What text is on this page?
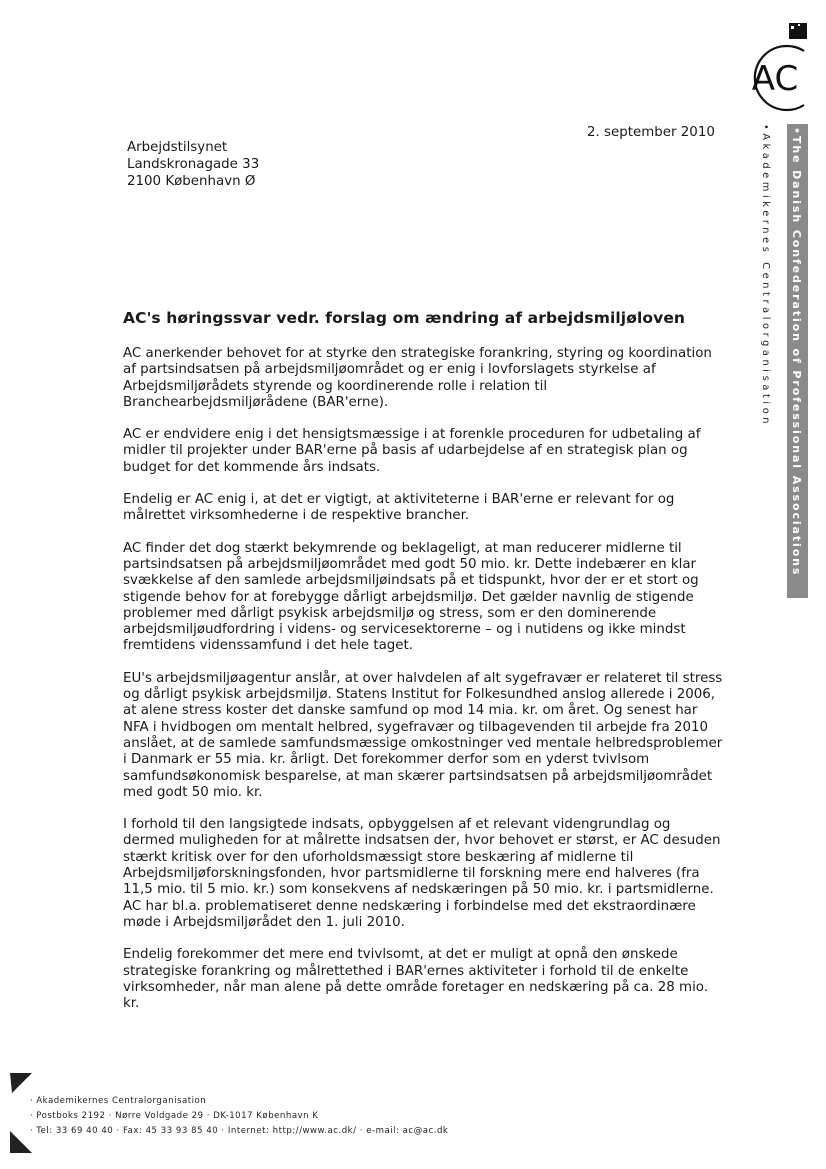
AC
•Akademikernes Centralorganisation •The Danish Confederation of Professional Associations
Arbejdstilsynet
Landskronagade 33
2100 København Ø
2. september 2010
AC's høringssvar vedr. forslag om ændring af arbejdsmiljøloven

AC anerkender behovet for at styrke den strategiske forankring, styring og koordination af partsindsatsen på arbejdsmiljøområdet og er enig i lovforslagets styrkelse af Arbejdsmiljørådets styrende og koordinerende rolle i relation til Branchearbejdsmiljørådene (BAR'erne).

AC er endvidere enig i det hensigtsmæssige i at forenkle proceduren for udbetaling af midler til projekter under BAR'erne på basis af udarbejdelse af en strategisk plan og budget for det kommende års indsats.

Endelig er AC enig i, at det er vigtigt, at aktiviteterne i BAR'erne er relevant for og målrettet virksomhederne i de respektive brancher.

AC finder det dog stærkt bekymrende og beklageligt, at man reducerer midlerne til partsindsatsen på arbejdsmiljøområdet med godt 50 mio. kr. Dette indebærer en klar svækkelse af den samlede arbejdsmiljøindsats på et tidspunkt, hvor der er et stort og stigende behov for at forebygge dårligt arbejdsmiljø. Det gælder navnlig de stigende problemer med dårligt psykisk arbejdsmiljø og stress, som er den dominerende arbejdsmiljøudfordring i videns- og servicesektorerne – og i nutidens og ikke mindst fremtidens videnssamfund i det hele taget.

EU's arbejdsmiljøagentur anslår, at over halvdelen af alt sygefravær er relateret til stress og dårligt psykisk arbejdsmiljø. Statens Institut for Folkesundhed anslog allerede i 2006, at alene stress koster det danske samfund op mod 14 mia. kr. om året. Og senest har NFA i hvidbogen om mentalt helbred, sygefravær og tilbagevenden til arbejde fra 2010 anslået, at de samlede samfundsmæssige omkostninger ved mentale helbredsproblemer i Danmark er 55 mia. kr. årligt. Det forekommer derfor som en yderst tvivlsom samfundsøkonomisk besparelse, at man skærer partsindsatsen på arbejdsmiljøområdet med godt 50 mio. kr.

I forhold til den langsigtede indsats, opbyggelsen af et relevant videngrundlag og dermed muligheden for at målrette indsatsen der, hvor behovet er størst, er AC desuden stærkt kritisk over for den uforholdsmæssigt store beskæring af midlerne til Arbejdsmiljøforskningsfonden, hvor partsmidlerne til forskning mere end halveres (fra 11,5 mio. til 5 mio. kr.) som konsekvens af nedskæringen på 50 mio. kr. i partsmidlerne. AC har bl.a. problematiseret denne nedskæring i forbindelse med det ekstraordinære møde i Arbejdsmiljørådet den 1. juli 2010.

Endelig forekommer det mere end tvivlsomt, at det er muligt at opnå den ønskede strategiske forankring og målrettethed i BAR'ernes aktiviteter i forhold til de enkelte virksomheder, når man alene på dette område foretager en nedskæring på ca. 28 mio. kr.

· Akademikernes Centralorganisation
· Postboks 2192 · Nørre Voldgade 29 · DK-1017 København K
· Tel: 33 69 40 40 · Fax: 45 33 93 85 40 · Internet: http://www.ac.dk/ · e-mail: ac@ac.dk
